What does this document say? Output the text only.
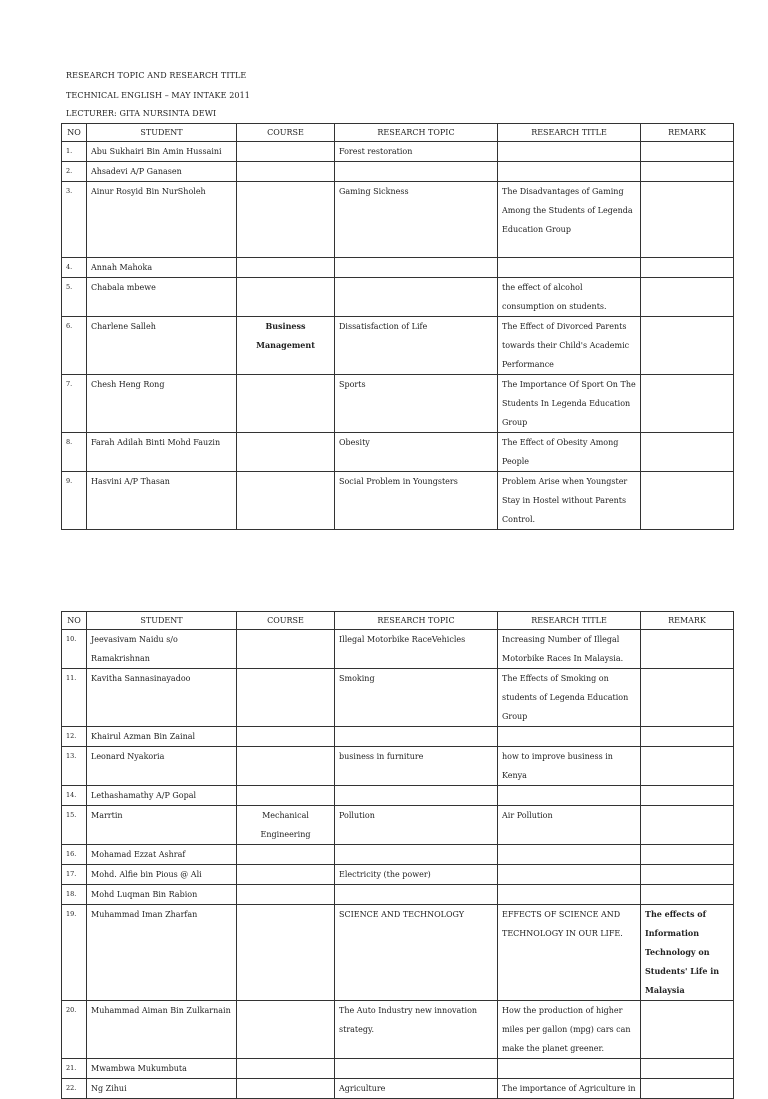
RESEARCH TOPIC AND RESEARCH TITLE
TECHNICAL ENGLISH – MAY INTAKE 2011
LECTURER: GITA NURSINTA DEWI
NO	STUDENT	COURSE	RESEARCH TOPIC	RESEARCH TITLE	REMARK
1.	Abu Sukhairi Bin Amin Hussaini		Forest restoration		
2.	Ahsadevi A/P Ganasen				
3.	Ainur Rosyid Bin NurSholeh		Gaming Sickness	The Disadvantages of Gaming Among the Students of Legenda Education Group	
4.	Annah Mahoka				
5.	Chabala mbewe			the effect of alcohol consumption on students.	
6.	Charlene Salleh	Business Management	Dissatisfaction of Life	The Effect of Divorced Parents towards their Child's Academic Performance	
7.	Chesh Heng Rong		Sports	The Importance Of Sport On The Students In Legenda Education Group	
8.	Farah Adilah Binti Mohd Fauzin		Obesity	The Effect of Obesity Among People	
9.	Hasvini A/P Thasan		Social Problem in Youngsters	Problem Arise when Youngster Stay in Hostel without Parents Control.	
NO	STUDENT	COURSE	RESEARCH TOPIC	RESEARCH TITLE	REMARK
10.	Jeevasivam Naidu s/o Ramakrishnan		Illegal Motorbike RaceVehicles	Increasing Number of Illegal Motorbike Races In Malaysia.	
11.	Kavitha Sannasinayadoo		Smoking	The Effects of Smoking on students of Legenda Education Group	
12.	Khairul Azman Bin Zainal				
13.	Leonard Nyakoria		business in furniture	how to improve business in Kenya	
14.	Lethashamathy A/P Gopal				
15.	Marrtin	Mechanical Engineering	Pollution	Air Pollution	
16.	Mohamad Ezzat Ashraf				
17.	Mohd. Alfie bin Pious @ Ali		Electricity (the power)		
18.	Mohd Luqman Bin Rabion				
19.	Muhammad Iman Zharfan		SCIENCE AND TECHNOLOGY	EFFECTS OF SCIENCE AND TECHNOLOGY IN OUR LIFE.	The effects of Information Technology on Students' Life in Malaysia
20.	Muhammad Aiman Bin Zulkarnain		The Auto Industry new innovation strategy.	How the production of higher miles per gallon (mpg) cars can make the planet greener.	
21.	Mwambwa Mukumbuta				
22.	Ng Zihui		Agriculture	The importance of Agriculture in	
